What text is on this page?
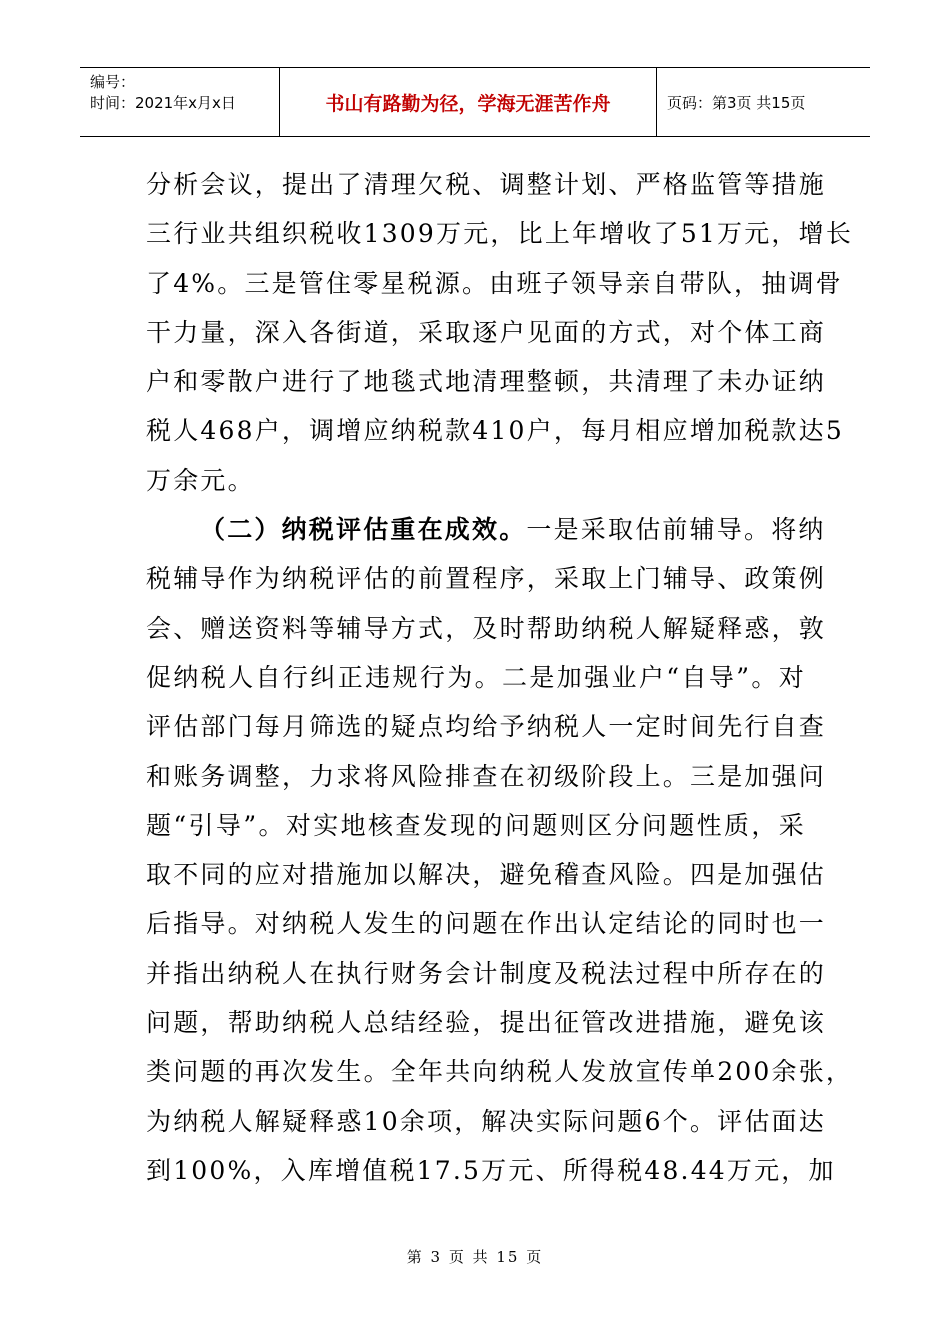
编号：
时间：2021年x月x日	书山有路勤为径，学海无涯苦作舟	页码：第3页 共15页
分析会议，提出了清理欠税、调整计划、严格监管等措施
三行业共组织税收1309万元，比上年增收了51万元，增长
了4%。三是管住零星税源。由班子领导亲自带队，抽调骨
干力量，深入各街道，采取逐户见面的方式，对个体工商
户和零散户进行了地毯式地清理整顿，共清理了未办证纳
税人468户，调增应纳税款410户，每月相应增加税款达5
万余元。
（二）纳税评估重在成效。一是采取估前辅导。将纳
税辅导作为纳税评估的前置程序，采取上门辅导、政策例
会、赠送资料等辅导方式，及时帮助纳税人解疑释惑，敦
促纳税人自行纠正违规行为。二是加强业户“自导”。对
评估部门每月筛选的疑点均给予纳税人一定时间先行自查
和账务调整，力求将风险排查在初级阶段上。三是加强问
题“引导”。对实地核查发现的问题则区分问题性质，采
取不同的应对措施加以解决，避免稽查风险。四是加强估
后指导。对纳税人发生的问题在作出认定结论的同时也一
并指出纳税人在执行财务会计制度及税法过程中所存在的
问题，帮助纳税人总结经验，提出征管改进措施，避免该
类问题的再次发生。全年共向纳税人发放宣传单200余张，
为纳税人解疑释惑10余项，解决实际问题6个。评估面达
到100%，入库增值税17.5万元、所得税48.44万元，加
第 3 页 共 15 页
